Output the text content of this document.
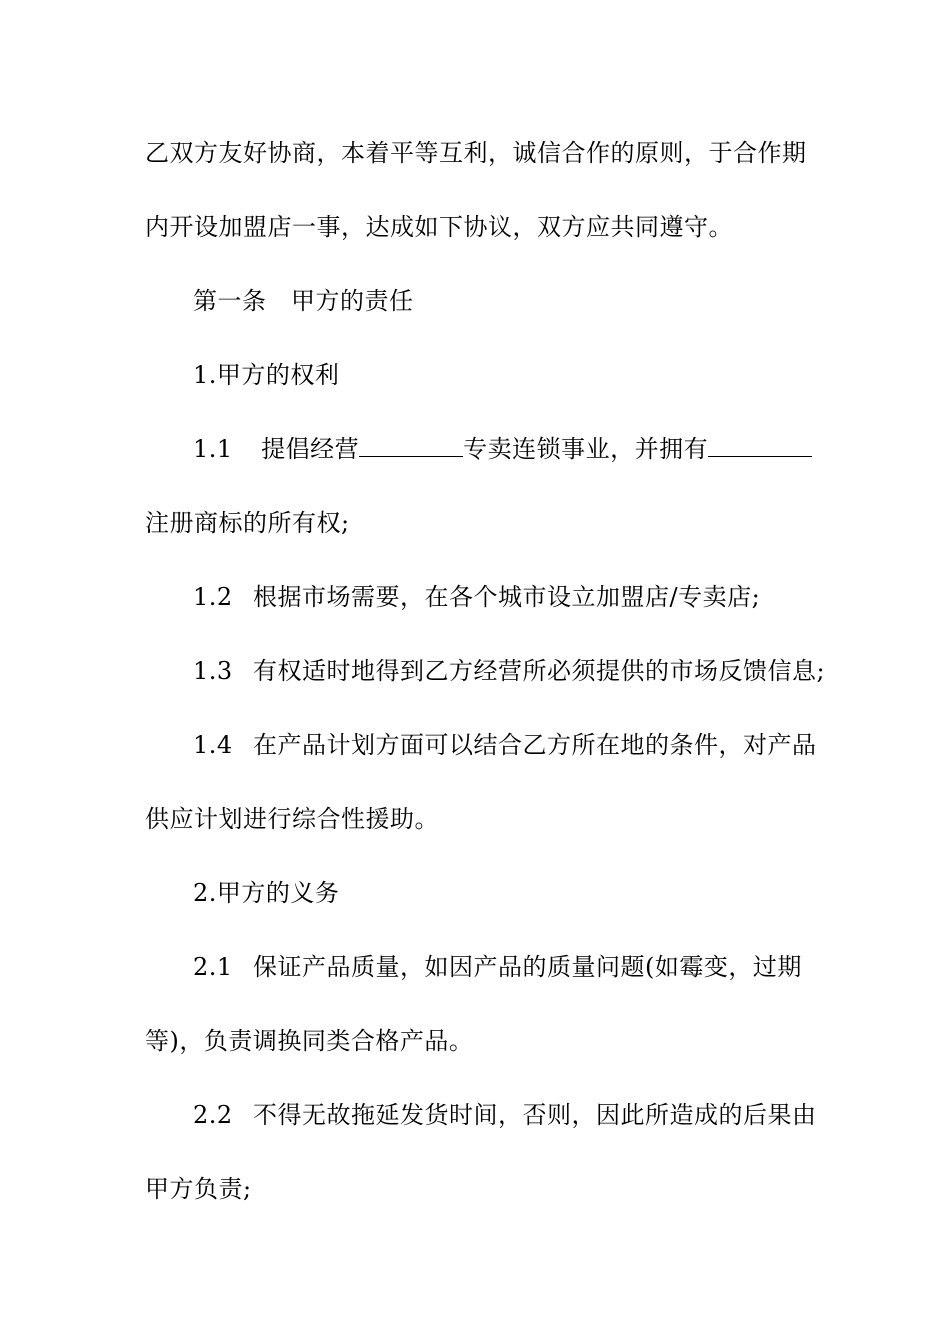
乙双方友好协商，本着平等互利，诚信合作的原则，于合作期
内开设加盟店一事，达成如下协议，双方应共同遵守。
第一条　甲方的责任
1.甲方的权利
1.1 提倡经营	专卖连锁事业，并拥有
注册商标的所有权;
1.2 根据市场需要，在各个城市设立加盟店/专卖店;
1.3 有权适时地得到乙方经营所必须提供的市场反馈信息;
1.4 在产品计划方面可以结合乙方所在地的条件，对产品
供应计划进行综合性援助。
2.甲方的义务
2.1 保证产品质量，如因产品的质量问题(如霉变，过期
等)，负责调换同类合格产品。
2.2 不得无故拖延发货时间，否则，因此所造成的后果由
甲方负责;
